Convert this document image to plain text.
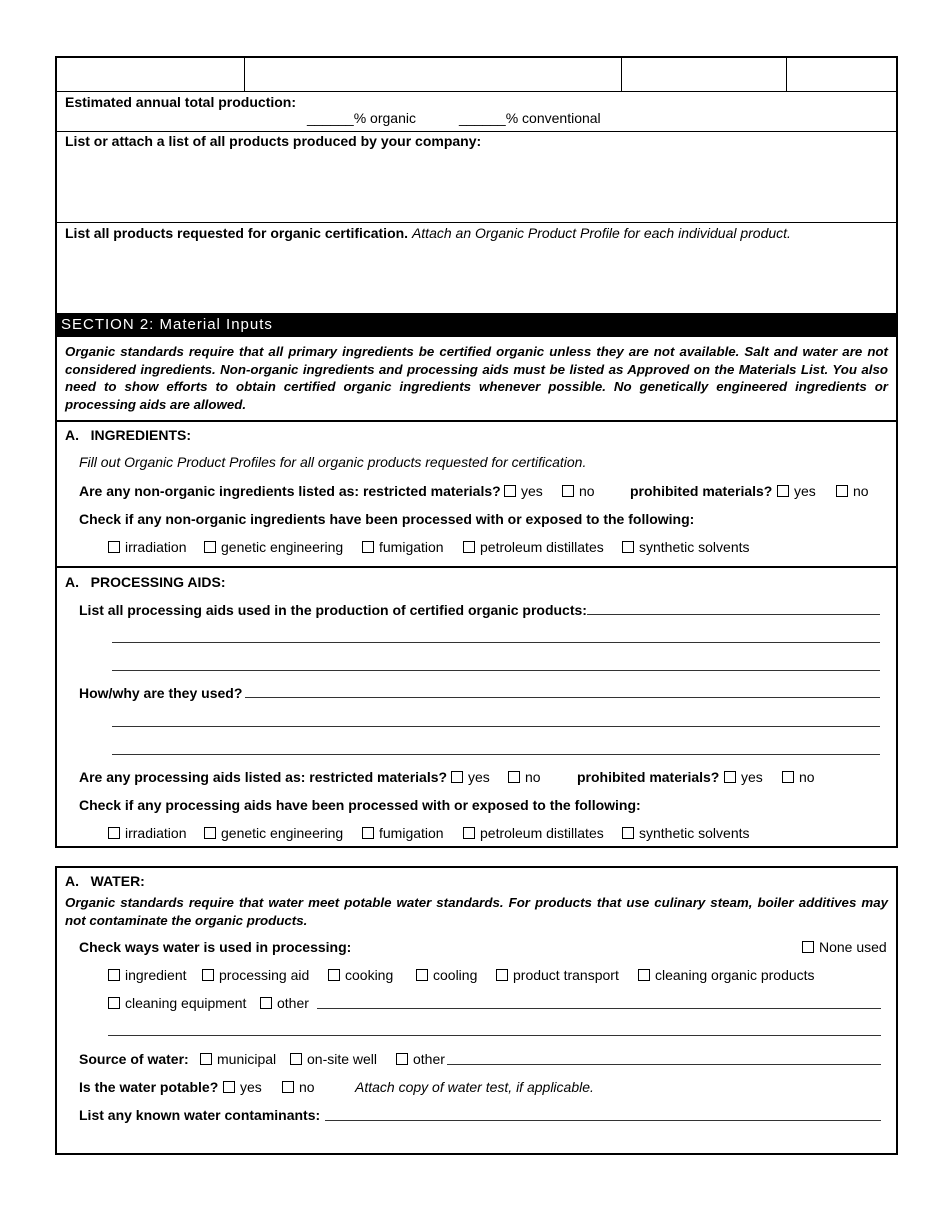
Estimated annual total production:
______% organic	______% conventional
List or attach a list of all products produced by your company:
List all products requested for organic certification. Attach an Organic Product Profile for each individual product.
SECTION 2: Material Inputs
Organic standards require that all primary ingredients be certified organic unless they are not available. Salt and water are not considered ingredients. Non-organic ingredients and processing aids must be listed as Approved on the Materials List. You also need to show efforts to obtain certified organic ingredients whenever possible. No genetically engineered ingredients or processing aids are allowed.
A.   INGREDIENTS:
Fill out Organic Product Profiles for all organic products requested for certification.
Are any non-organic ingredients listed as: restricted materials?	yes	no	prohibited materials?	yes	no
Check if any non-organic ingredients have been processed with or exposed to the following:
irradiation	genetic engineering	fumigation	petroleum distillates	synthetic solvents
A.   PROCESSING AIDS:
List all processing aids used in the production of certified organic products:
How/why are they used?
Are any processing aids listed as: restricted materials?	yes	no	prohibited materials?	yes	no
Check if any processing aids have been processed with or exposed to the following:
irradiation	genetic engineering	fumigation	petroleum distillates	synthetic solvents
A.   WATER:
Organic standards require that water meet potable water standards. For products that use culinary steam, boiler additives may not contaminate the organic products.
Check ways water is used in processing:	None used
ingredient	processing aid	cooking	cooling	product transport	cleaning organic products
cleaning equipment	other
Source of water:	municipal	on-site well	other
Is the water potable?	yes	no	Attach copy of water test, if applicable.
List any known water contaminants:
